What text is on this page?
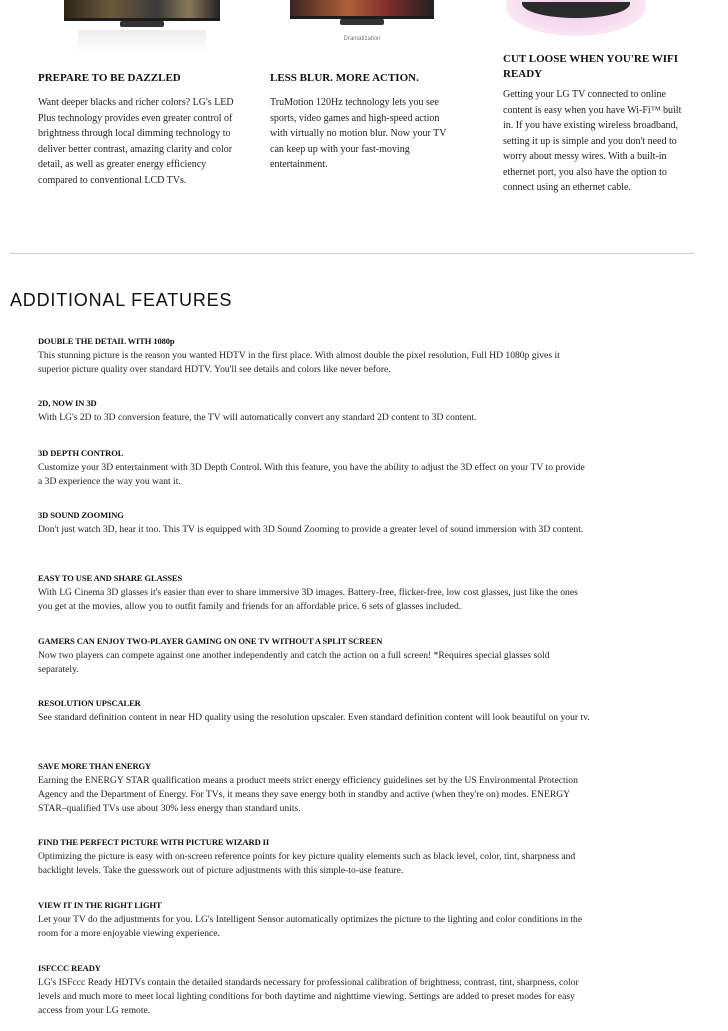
Dramatization
PREPARE TO BE DAZZLED

Want deeper blacks and richer colors? LG's LED Plus technology provides even greater control of brightness through local dimming technology to deliver better contrast, amazing clarity and color detail, as well as greater energy efficiency compared to conventional LCD TVs.

LESS BLUR. MORE ACTION.

TruMotion 120Hz technology lets you see sports, video games and high-speed action with virtually no motion blur. Now your TV can keep up with your fast-moving entertainment.

CUT LOOSE WHEN YOU'RE WIFI READY

Getting your LG TV connected to online content is easy when you have Wi-Fi™ built in. If you have existing wireless broadband, setting it up is simple and you don't need to worry about messy wires. With a built-in ethernet port, you also have the option to connect using an ethernet cable.

ADDITIONAL FEATURES
DOUBLE THE DETAIL WITH 1080p

This stunning picture is the reason you wanted HDTV in the first place. With almost double the pixel resolution, Full HD 1080p gives it superior picture quality over standard HDTV. You'll see details and colors like never before.

2D, NOW IN 3D

With LG's 2D to 3D conversion feature, the TV will automatically convert any standard 2D content to 3D content.

3D DEPTH CONTROL

Customize your 3D entertainment with 3D Depth Control. With this feature, you have the ability to adjust the 3D effect on your TV to provide a 3D experience the way you want it.

3D SOUND ZOOMING

Don't just watch 3D, hear it too. This TV is equipped with 3D Sound Zooming to provide a greater level of sound immersion with 3D content.

EASY TO USE AND SHARE GLASSES

With LG Cinema 3D glasses it's easier than ever to share immersive 3D images. Battery-free, flicker-free, low cost glasses, just like the ones you get at the movies, allow you to outfit family and friends for an affordable price. 6 sets of glasses included.

GAMERS CAN ENJOY TWO-PLAYER GAMING ON ONE TV WITHOUT A SPLIT SCREEN

Now two players can compete against one another independently and catch the action on a full screen! *Requires special glasses sold separately.

RESOLUTION UPSCALER

See standard definition content in near HD quality using the resolution upscaler. Even standard definition content will look beautiful on your tv.

SAVE MORE THAN ENERGY

Earning the ENERGY STAR qualification means a product meets strict energy efficiency guidelines set by the US Environmental Protection Agency and the Department of Energy. For TVs, it means they save energy both in standby and active (when they're on) modes. ENERGY STAR–qualified TVs use about 30% less energy than standard units.

FIND THE PERFECT PICTURE WITH PICTURE WIZARD II

Optimizing the picture is easy with on-screen reference points for key picture quality elements such as black level, color, tint, sharpness and backlight levels. Take the guesswork out of picture adjustments with this simple-to-use feature.

VIEW IT IN THE RIGHT LIGHT

Let your TV do the adjustments for you. LG's Intelligent Sensor automatically optimizes the picture to the lighting and color conditions in the room for a more enjoyable viewing experience.

ISFCCC READY

LG's ISFccc Ready HDTVs contain the detailed standards necessary for professional calibration of brightness, contrast, tint, sharpness, color levels and much more to meet local lighting conditions for both daytime and nighttime viewing. Settings are added to preset modes for easy access from your LG remote.
